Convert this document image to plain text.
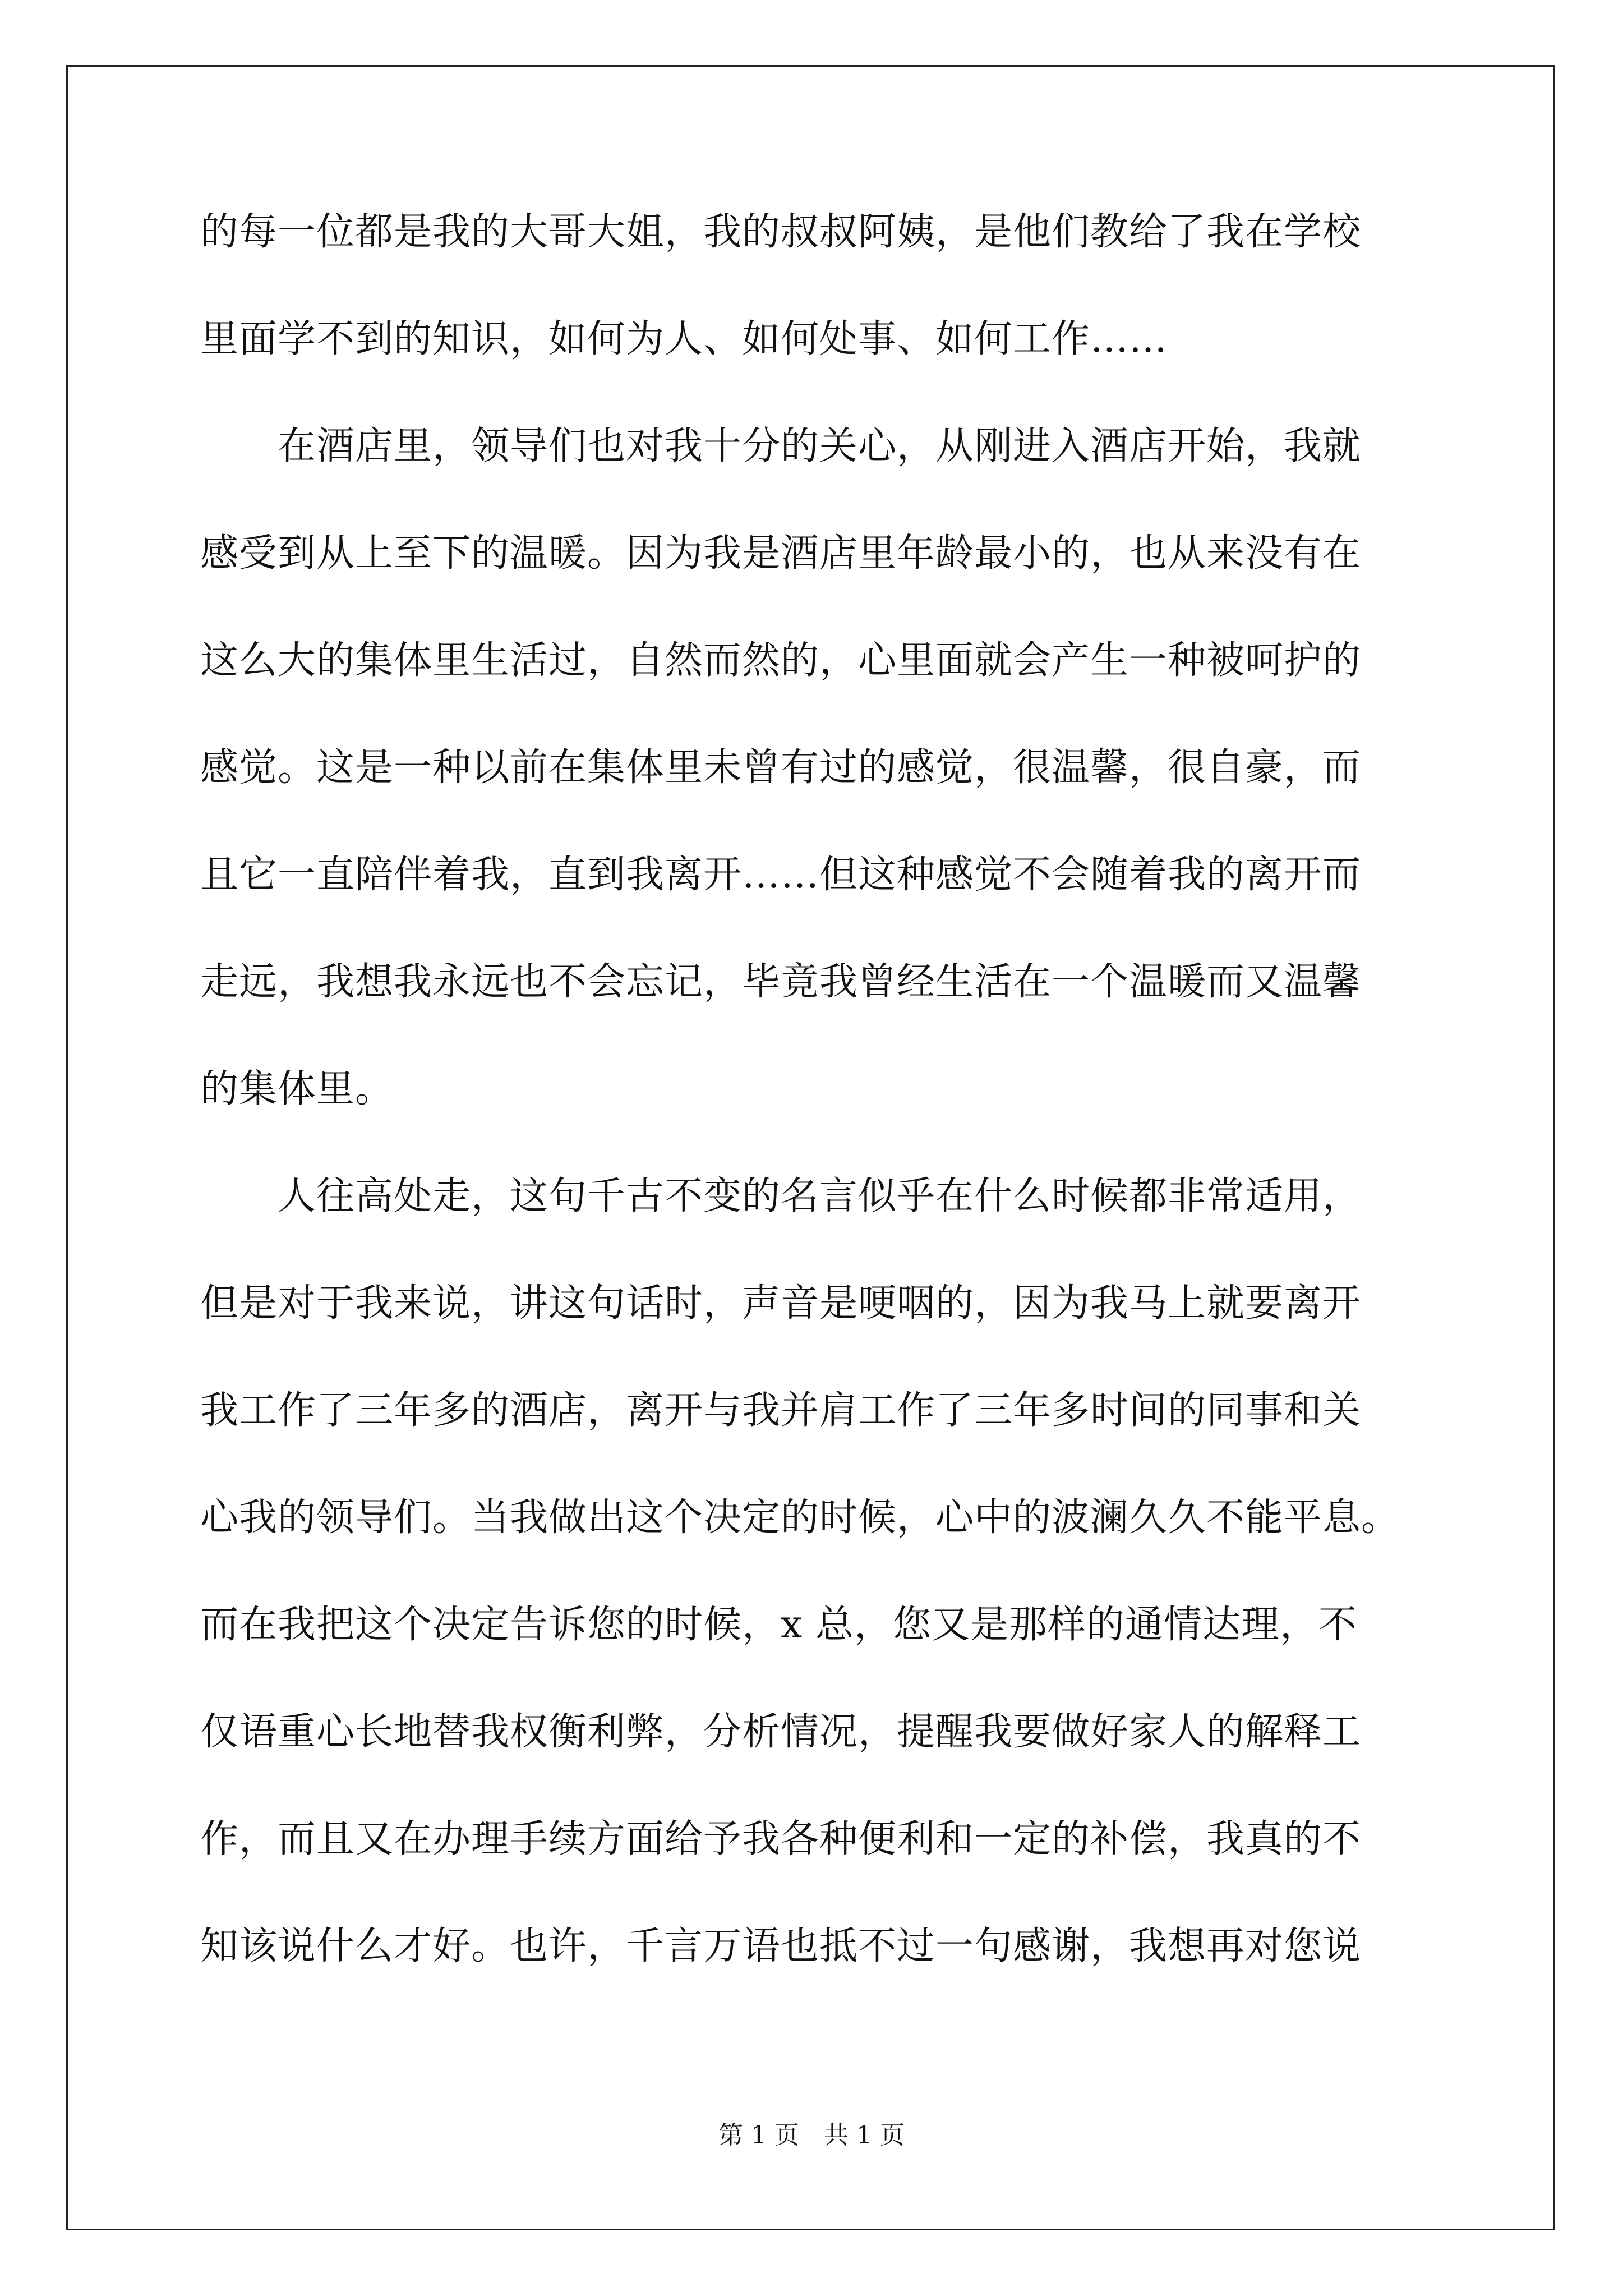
的每一位都是我的大哥大姐，我的叔叔阿姨，是他们教给了我在学校
里面学不到的知识，如何为人、如何处事、如何工作……
　　在酒店里，领导们也对我十分的关心，从刚进入酒店开始，我就
感受到从上至下的温暖。因为我是酒店里年龄最小的，也从来没有在
这么大的集体里生活过，自然而然的，心里面就会产生一种被呵护的
感觉。这是一种以前在集体里未曾有过的感觉，很温馨，很自豪，而
且它一直陪伴着我，直到我离开……但这种感觉不会随着我的离开而
走远，我想我永远也不会忘记，毕竟我曾经生活在一个温暖而又温馨
的集体里。
　　人往高处走，这句千古不变的名言似乎在什么时候都非常适用，
但是对于我来说，讲这句话时，声音是哽咽的，因为我马上就要离开
我工作了三年多的酒店，离开与我并肩工作了三年多时间的同事和关
心我的领导们。当我做出这个决定的时候，心中的波澜久久不能平息。
而在我把这个决定告诉您的时候，x 总，您又是那样的通情达理，不
仅语重心长地替我权衡利弊，分析情况，提醒我要做好家人的解释工
作，而且又在办理手续方面给予我各种便利和一定的补偿，我真的不
知该说什么才好。也许，千言万语也抵不过一句感谢，我想再对您说
第 1 页　共 1 页
